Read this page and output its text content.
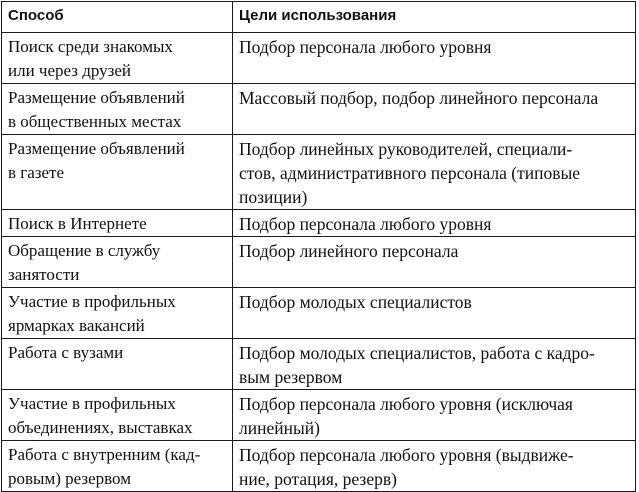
Способ	Цели использования
Поиск среди знакомых
или через друзей	Подбор персонала любого уровня
Размещение объявлений
в общественных местах	Массовый подбор, подбор линейного персонала
Размещение объявлений
в газете	Подбор линейных руководителей, специали-
стов, административного персонала (типовые
позиции)
Поиск в Интернете	Подбор персонала любого уровня
Обращение в службу
занятости	Подбор линейного персонала
Участие в профильных
ярмарках вакансий	Подбор молодых специалистов
Работа с вузами	Подбор молодых специалистов, работа с кадро-
вым резервом
Участие в профильных
объединениях, выставках	Подбор персонала любого уровня (исключая
линейный)
Работа с внутренним (кад-
ровым) резервом	Подбор персонала любого уровня (выдвиже-
ние, ротация, резерв)
